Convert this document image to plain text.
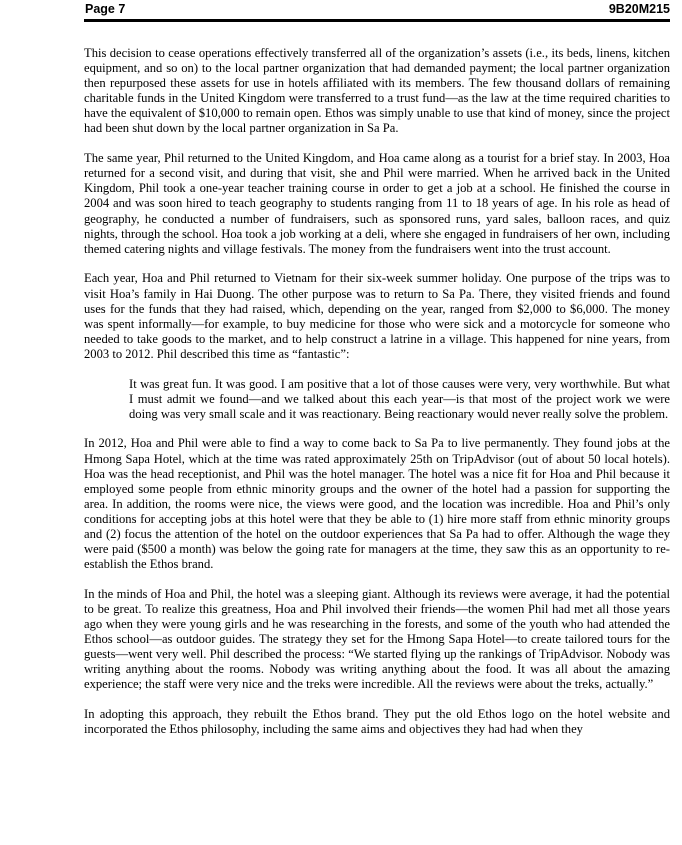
Page 7	9B20M215

This decision to cease operations effectively transferred all of the organization’s assets (i.e., its beds, linens, kitchen equipment, and so on) to the local partner organization that had demanded payment; the local partner organization then repurposed these assets for use in hotels affiliated with its members. The few thousand dollars of remaining charitable funds in the United Kingdom were transferred to a trust fund—as the law at the time required charities to have the equivalent of $10,000 to remain open. Ethos was simply unable to use that kind of money, since the project had been shut down by the local partner organization in Sa Pa.

The same year, Phil returned to the United Kingdom, and Hoa came along as a tourist for a brief stay. In 2003, Hoa returned for a second visit, and during that visit, she and Phil were married. When he arrived back in the United Kingdom, Phil took a one-year teacher training course in order to get a job at a school. He finished the course in 2004 and was soon hired to teach geography to students ranging from 11 to 18 years of age. In his role as head of geography, he conducted a number of fundraisers, such as sponsored runs, yard sales, balloon races, and quiz nights, through the school. Hoa took a job working at a deli, where she engaged in fundraisers of her own, including themed catering nights and village festivals. The money from the fundraisers went into the trust account.

Each year, Hoa and Phil returned to Vietnam for their six-week summer holiday. One purpose of the trips was to visit Hoa’s family in Hai Duong. The other purpose was to return to Sa Pa. There, they visited friends and found uses for the funds that they had raised, which, depending on the year, ranged from $2,000 to $6,000. The money was spent informally—for example, to buy medicine for those who were sick and a motorcycle for someone who needed to take goods to the market, and to help construct a latrine in a village. This happened for nine years, from 2003 to 2012. Phil described this time as “fantastic”:

It was great fun. It was good. I am positive that a lot of those causes were very, very worthwhile. But what I must admit we found—and we talked about this each year—is that most of the project work we were doing was very small scale and it was reactionary. Being reactionary would never really solve the problem.

In 2012, Hoa and Phil were able to find a way to come back to Sa Pa to live permanently. They found jobs at the Hmong Sapa Hotel, which at the time was rated approximately 25th on TripAdvisor (out of about 50 local hotels). Hoa was the head receptionist, and Phil was the hotel manager. The hotel was a nice fit for Hoa and Phil because it employed some people from ethnic minority groups and the owner of the hotel had a passion for supporting the area. In addition, the rooms were nice, the views were good, and the location was incredible. Hoa and Phil’s only conditions for accepting jobs at this hotel were that they be able to (1) hire more staff from ethnic minority groups and (2) focus the attention of the hotel on the outdoor experiences that Sa Pa had to offer. Although the wage they were paid ($500 a month) was below the going rate for managers at the time, they saw this as an opportunity to re-establish the Ethos brand.

In the minds of Hoa and Phil, the hotel was a sleeping giant. Although its reviews were average, it had the potential to be great. To realize this greatness, Hoa and Phil involved their friends—the women Phil had met all those years ago when they were young girls and he was researching in the forests, and some of the youth who had attended the Ethos school—as outdoor guides. The strategy they set for the Hmong Sapa Hotel—to create tailored tours for the guests—went very well. Phil described the process: “We started flying up the rankings of TripAdvisor. Nobody was writing anything about the rooms. Nobody was writing anything about the food. It was all about the amazing experience; the staff were very nice and the treks were incredible. All the reviews were about the treks, actually.”

In adopting this approach, they rebuilt the Ethos brand. They put the old Ethos logo on the hotel website and incorporated the Ethos philosophy, including the same aims and objectives they had had when they
